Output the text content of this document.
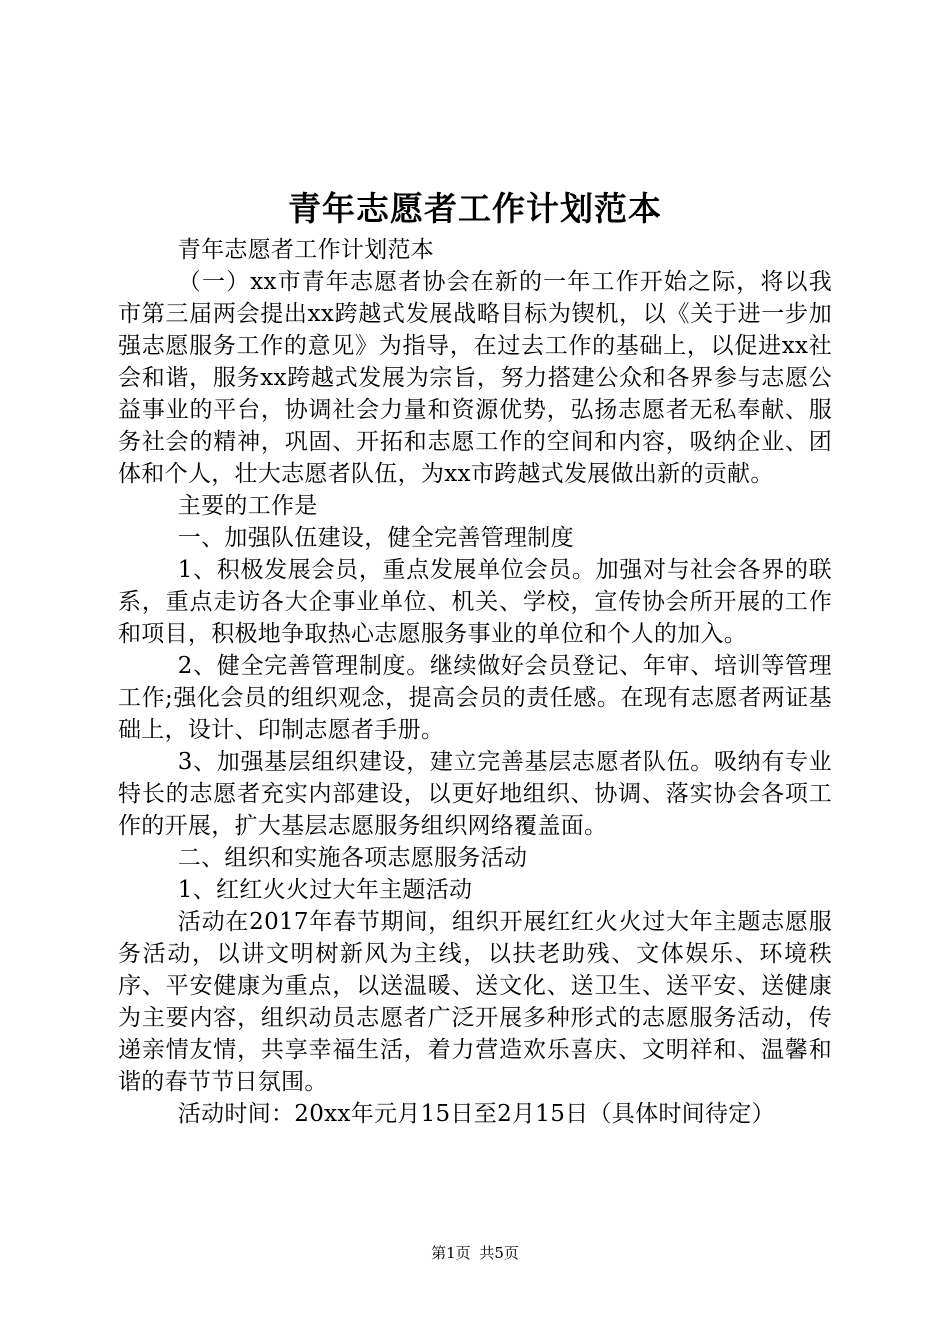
青年志愿者工作计划范本

青年志愿者工作计划范本

（一）xx市青年志愿者协会在新的一年工作开始之际，将以我市第三届两会提出xx跨越式发展战略目标为锲机，以《关于进一步加强志愿服务工作的意见》为指导，在过去工作的基础上，以促进xx社会和谐，服务xx跨越式发展为宗旨，努力搭建公众和各界参与志愿公益事业的平台，协调社会力量和资源优势，弘扬志愿者无私奉献、服务社会的精神，巩固、开拓和志愿工作的空间和内容，吸纳企业、团体和个人，壮大志愿者队伍，为xx市跨越式发展做出新的贡献。

主要的工作是

一、加强队伍建设，健全完善管理制度

1、积极发展会员，重点发展单位会员。加强对与社会各界的联系，重点走访各大企事业单位、机关、学校，宣传协会所开展的工作和项目，积极地争取热心志愿服务事业的单位和个人的加入。

2、健全完善管理制度。继续做好会员登记、年审、培训等管理工作;强化会员的组织观念，提高会员的责任感。在现有志愿者两证基础上，设计、印制志愿者手册。

3、加强基层组织建设，建立完善基层志愿者队伍。吸纳有专业特长的志愿者充实内部建设，以更好地组织、协调、落实协会各项工作的开展，扩大基层志愿服务组织网络覆盖面。

二、组织和实施各项志愿服务活动

1、红红火火过大年主题活动

活动在2017年春节期间，组织开展红红火火过大年主题志愿服务活动，以讲文明树新风为主线，以扶老助残、文体娱乐、环境秩序、平安健康为重点，以送温暖、送文化、送卫生、送平安、送健康为主要内容，组织动员志愿者广泛开展多种形式的志愿服务活动，传递亲情友情，共享幸福生活，着力营造欢乐喜庆、文明祥和、温馨和谐的春节节日氛围。

活动时间：20xx年元月15日至2月15日（具体时间待定）

第1页 共5页
